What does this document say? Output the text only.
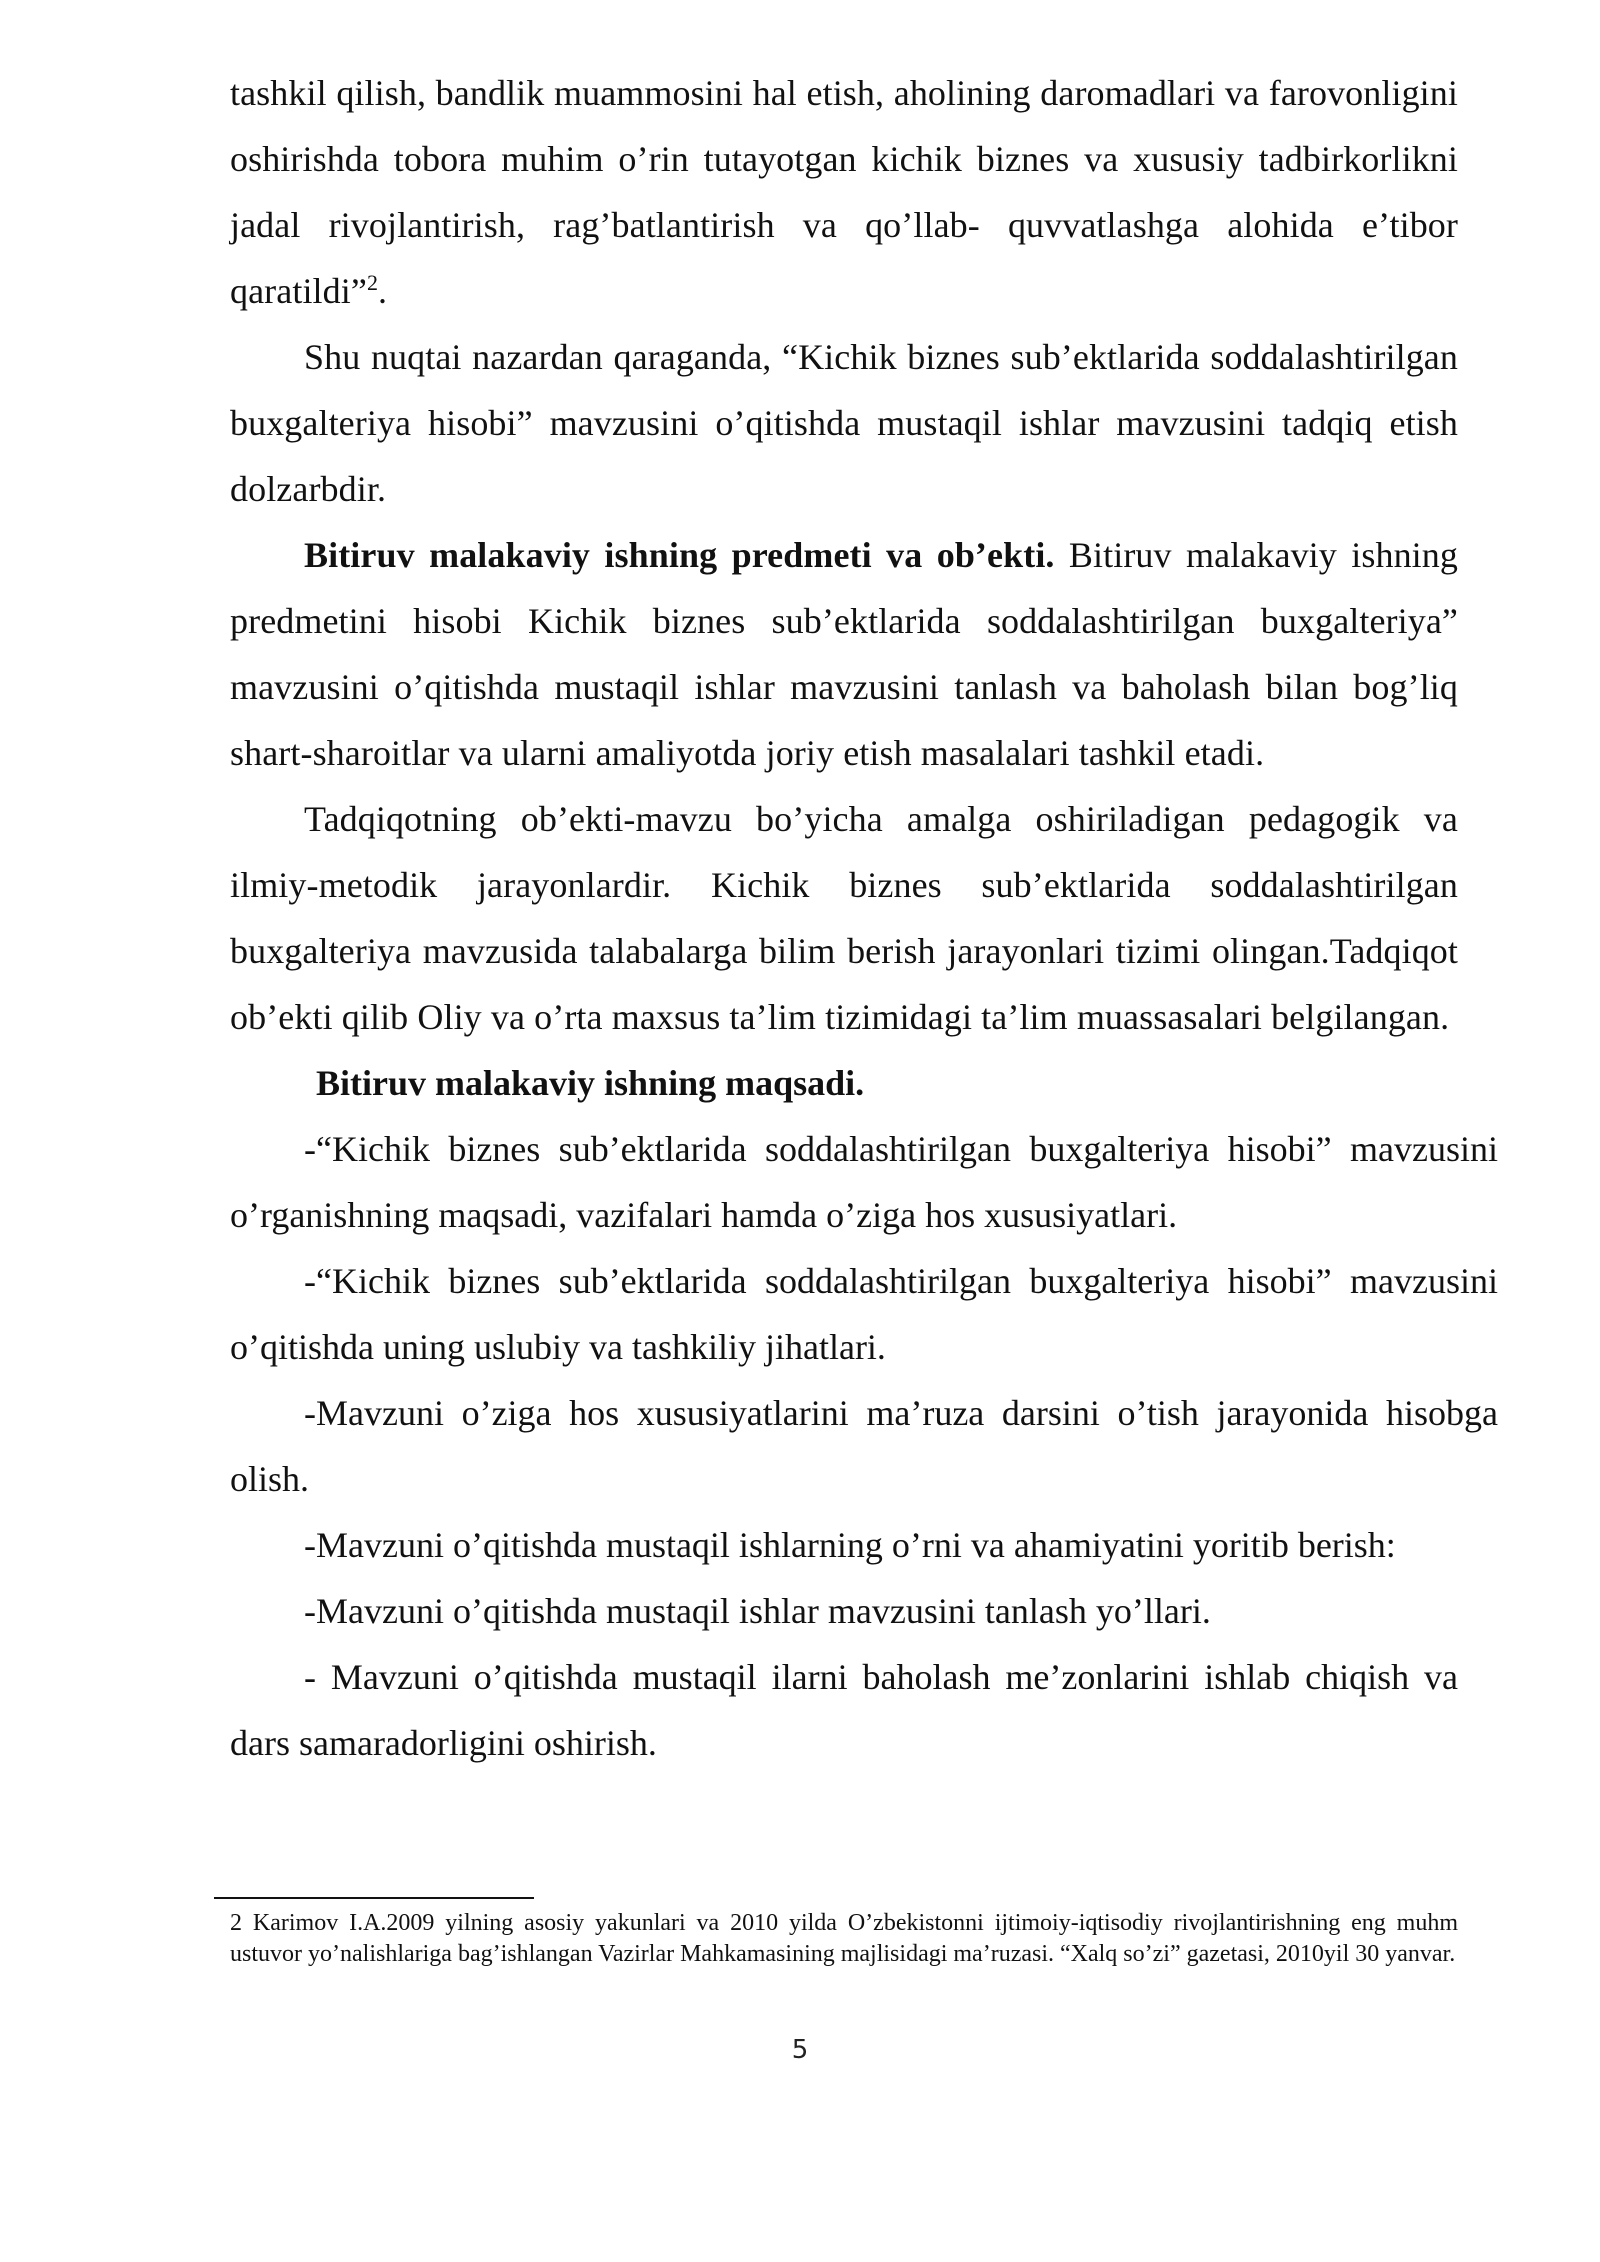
tashkil qilish, bandlik muammosini hal etish, aholining daromadlari va farovonligini oshirishda tobora muhim o’rin tutayotgan kichik biznes va xususiy tadbirkorlikni jadal rivojlantirish, rag’batlantirish va qo’llab- quvvatlashga alohida e’tibor qaratildi”$^2$.

Shu nuqtai nazardan qaraganda, “Kichik biznes sub’ektlarida soddalashtirilgan buxgalteriya hisobi” mavzusini o’qitishda mustaqil ishlar mavzusini tadqiq etish dolzarbdir.

Bitiruv malakaviy ishning predmeti va ob’ekti. Bitiruv malakaviy ishning predmetini hisobi Kichik biznes sub’ektlarida soddalashtirilgan buxgalteriya” mavzusini o’qitishda mustaqil ishlar mavzusini tanlash va baholash bilan bog’liq shart-sharoitlar va ularni amaliyotda joriy etish masalalari tashkil etadi.

Tadqiqotning ob’ekti-mavzu bo’yicha amalga oshiriladigan pedagogik va ilmiy-metodik jarayonlardir. Kichik biznes sub’ektlarida soddalashtirilgan buxgalteriya mavzusida talabalarga bilim berish jarayonlari tizimi olingan.Tadqiqot ob’ekti qilib Oliy va o’rta maxsus ta’lim tizimidagi ta’lim muassasalari belgilangan.

Bitiruv malakaviy ishning maqsadi.

-“Kichik biznes sub’ektlarida soddalashtirilgan buxgalteriya hisobi” mavzusini o’rganishning maqsadi, vazifalari hamda o’ziga hos xususiyatlari.

-“Kichik biznes sub’ektlarida soddalashtirilgan buxgalteriya hisobi” mavzusini o’qitishda uning uslubiy va tashkiliy jihatlari.

-Mavzuni o’ziga hos xususiyatlarini ma’ruza darsini o’tish jarayonida hisobga olish.

-Mavzuni o’qitishda mustaqil ishlarning o’rni va ahamiyatini yoritib berish:

-Mavzuni o’qitishda mustaqil ishlar mavzusini tanlash yo’llari.

- Mavzuni o’qitishda mustaqil ilarni baholash me’zonlarini ishlab chiqish va dars samaradorligini oshirish.

2 Karimov I.A.2009 yilning asosiy yakunlari va 2010 yilda O’zbekistonni ijtimoiy-iqtisodiy rivojlantirishning eng muhm ustuvor yo’nalishlariga bag’ishlangan Vazirlar Mahkamasining majlisidagi ma’ruzasi. “Xalq so’zi” gazetasi, 2010yil 30 yanvar.

5
